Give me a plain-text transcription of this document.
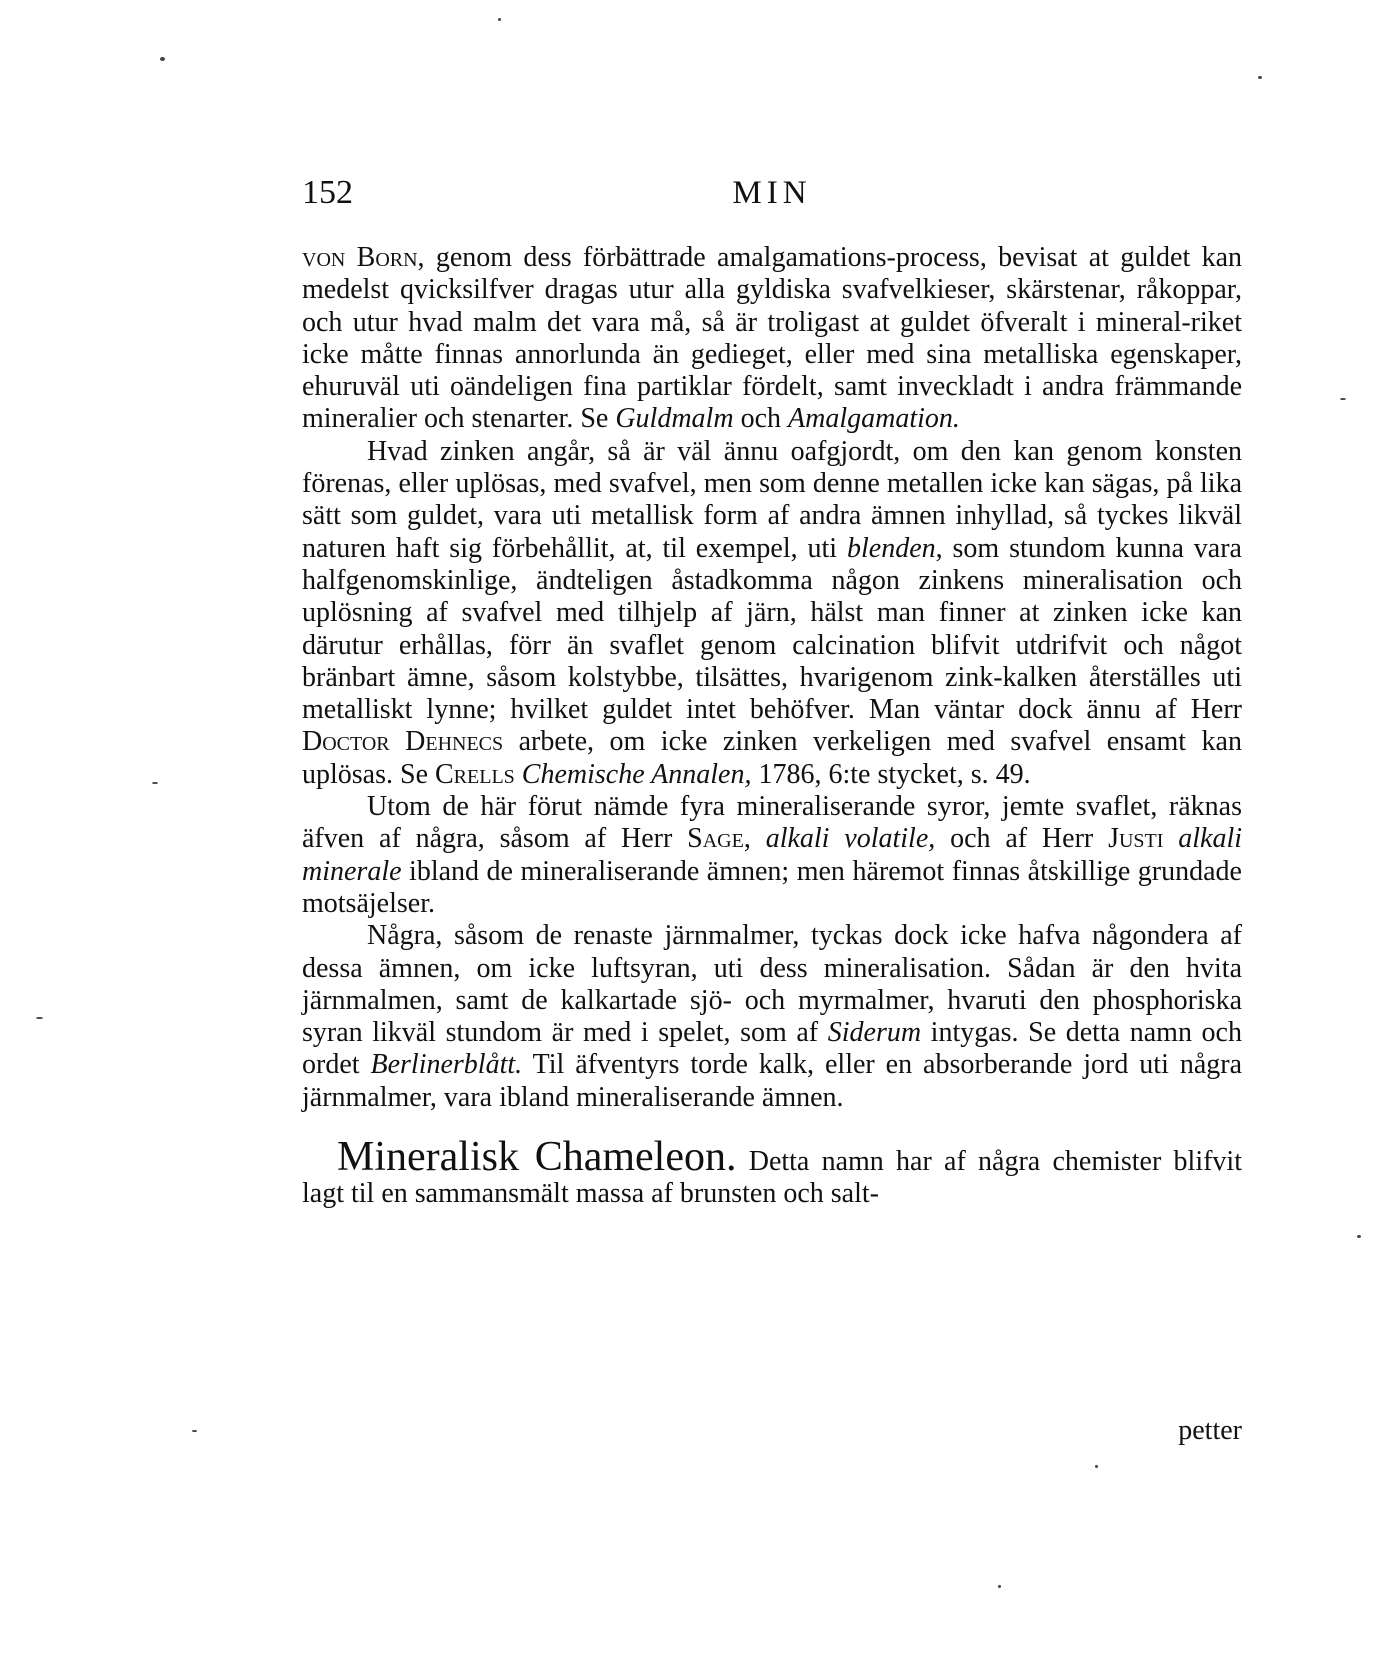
152	MIN

von Born, genom dess förbättrade amalgamations-process, bevisat at guldet kan medelst qvicksilfver dragas utur alla gyldiska svafvelkieser, skärstenar, råkoppar, och utur hvad malm det vara må, så är troligast at guldet öfveralt i mineral-riket icke måtte finnas annorlunda än gedieget, eller med sina metalliska egenskaper, ehuruväl uti oändeligen fina partiklar fördelt, samt inveckladt i andra främmande mineralier och stenarter. Se Guldmalm och Amalgamation.

Hvad zinken angår, så är väl ännu oafgjordt, om den kan genom konsten förenas, eller uplösas, med svafvel, men som denne metallen icke kan sägas, på lika sätt som guldet, vara uti metallisk form af andra ämnen inhyllad, så tyckes likväl naturen haft sig förbehållit, at, til exempel, uti blenden, som stundom kunna vara halfgenomskinlige, ändteligen åstadkomma någon zinkens mineralisation och uplösning af svafvel med tilhjelp af järn, hälst man finner at zinken icke kan därutur erhållas, förr än svaflet genom calcination blifvit utdrifvit och något bränbart ämne, såsom kolstybbe, tilsättes, hvarigenom zink-kalken återställes uti metalliskt lynne; hvilket guldet intet behöfver. Man väntar dock ännu af Herr Doctor Dehnecs arbete, om icke zinken verkeligen med svafvel ensamt kan uplösas. Se Crells Chemische Annalen, 1786, 6:te stycket, s. 49.

Utom de här förut nämde fyra mineraliserande syror, jemte svaflet, räknas äfven af några, såsom af Herr Sage, alkali volatile, och af Herr Justi alkali minerale ibland de mineraliserande ämnen; men häremot finnas åtskillige grundade motsäjelser.

Några, såsom de renaste järnmalmer, tyckas dock icke hafva någondera af dessa ämnen, om icke luftsyran, uti dess mineralisation. Sådan är den hvita järnmalmen, samt de kalkartade sjö- och myrmalmer, hvaruti den phosphoriska syran likväl stundom är med i spelet, som af Siderum intygas. Se detta namn och ordet Berlinerblått. Til äfventyrs torde kalk, eller en absorberande jord uti några järnmalmer, vara ibland mineraliserande ämnen.

Mineralisk Chameleon. Detta namn har af några chemister blifvit lagt til en sammansmält massa af brunsten och salt-

petter
